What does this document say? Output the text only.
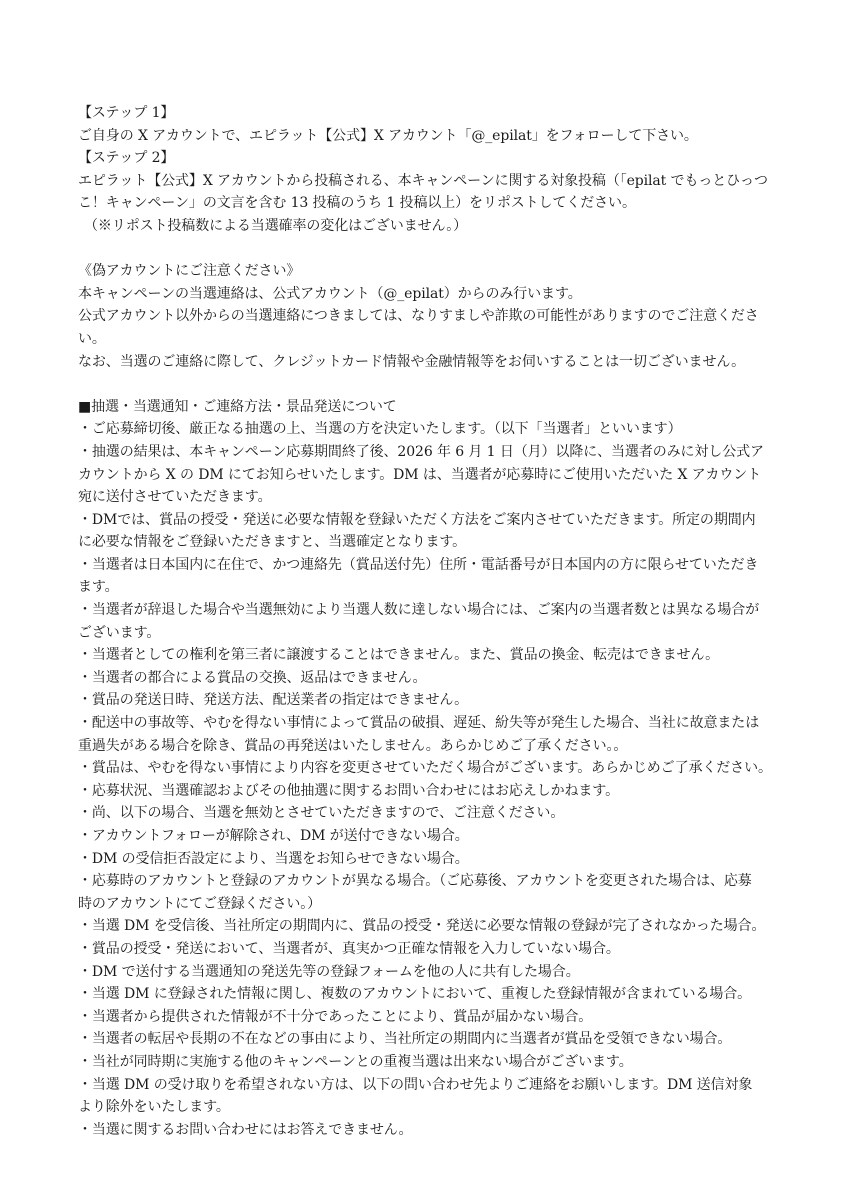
【ステップ 1】
ご自身の X アカウントで、エピラット【公式】X アカウント「@_epilat」をフォローして下さい。
【ステップ 2】
エピラット【公式】X アカウントから投稿される、本キャンペーンに関する対象投稿（「epilat でもっとひっつ
こ！キャンペーン」の文言を含む 13 投稿のうち 1 投稿以上）をリポストしてください。
（※リポスト投稿数による当選確率の変化はございません。）
《偽アカウントにご注意ください》
本キャンペーンの当選連絡は、公式アカウント（@_epilat）からのみ行います。
公式アカウント以外からの当選連絡につきましては、なりすましや詐欺の可能性がありますのでご注意くださ
い。
なお、当選のご連絡に際して、クレジットカード情報や金融情報等をお伺いすることは一切ございません。
■抽選・当選通知・ご連絡方法・景品発送について
・ご応募締切後、厳正なる抽選の上、当選の方を決定いたします。（以下「当選者」といいます）
・抽選の結果は、本キャンペーン応募期間終了後、2026 年 6 月 1 日（月）以降に、当選者のみに対し公式ア
カウントから X の DM にてお知らせいたします。DM は、当選者が応募時にご使用いただいた X アカウント
宛に送付させていただきます。
・DMでは、賞品の授受・発送に必要な情報を登録いただく方法をご案内させていただきます。所定の期間内
に必要な情報をご登録いただきますと、当選確定となります。
・当選者は日本国内に在住で、かつ連絡先（賞品送付先）住所・電話番号が日本国内の方に限らせていただき
ます。
・当選者が辞退した場合や当選無効により当選人数に達しない場合には、ご案内の当選者数とは異なる場合が
ございます。
・当選者としての権利を第三者に譲渡することはできません。また、賞品の換金、転売はできません。
・当選者の都合による賞品の交換、返品はできません。
・賞品の発送日時、発送方法、配送業者の指定はできません。
・配送中の事故等、やむを得ない事情によって賞品の破損、遅延、紛失等が発生した場合、当社に故意または
重過失がある場合を除き、賞品の再発送はいたしません。あらかじめご了承ください。。
・賞品は、やむを得ない事情により内容を変更させていただく場合がございます。あらかじめご了承ください。
・応募状況、当選確認およびその他抽選に関するお問い合わせにはお応えしかねます。
・尚、以下の場合、当選を無効とさせていただきますので、ご注意ください。
・アカウントフォローが解除され、DM が送付できない場合。
・DM の受信拒否設定により、当選をお知らせできない場合。
・応募時のアカウントと登録のアカウントが異なる場合。（ご応募後、アカウントを変更された場合は、応募
時のアカウントにてご登録ください。）
・当選 DM を受信後、当社所定の期間内に、賞品の授受・発送に必要な情報の登録が完了されなかった場合。
・賞品の授受・発送において、当選者が、真実かつ正確な情報を入力していない場合。
・DM で送付する当選通知の発送先等の登録フォームを他の人に共有した場合。
・当選 DM に登録された情報に関し、複数のアカウントにおいて、重複した登録情報が含まれている場合。
・当選者から提供された情報が不十分であったことにより、賞品が届かない場合。
・当選者の転居や長期の不在などの事由により、当社所定の期間内に当選者が賞品を受領できない場合。
・当社が同時期に実施する他のキャンペーンとの重複当選は出来ない場合がございます。
・当選 DM の受け取りを希望されない方は、以下の問い合わせ先よりご連絡をお願いします。DM 送信対象
より除外をいたします。
・当選に関するお問い合わせにはお答えできません。
